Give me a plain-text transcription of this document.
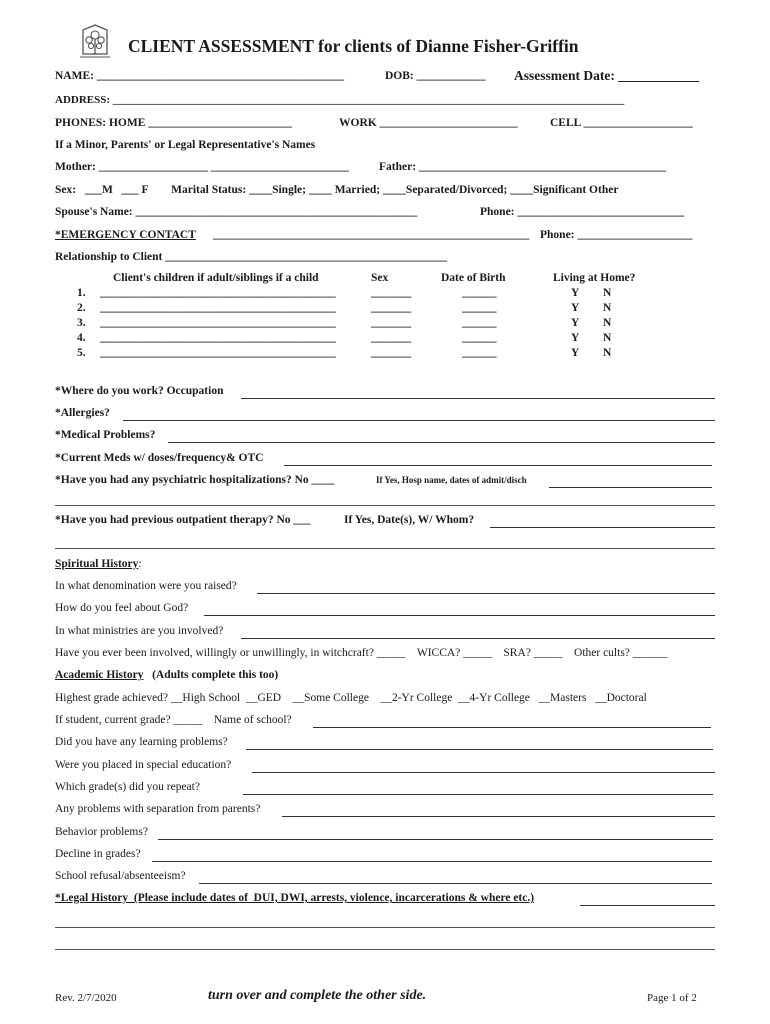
CLIENT ASSESSMENT for clients of Dianne Fisher-Griffin
NAME: ___________________________________________	DOB: ____________ Assessment Date: ____________
ADDRESS: _____________________________________________________________________________________________
PHONES: HOME _________________________	WORK ________________________	CELL ___________________
If a Minor, Parents' or Legal Representative's Names
Mother: ___________________ ________________________	Father: ___________________________________________
Sex:   ___M   ___ F        Marital Status: ____Single; ____ Married; ____Separated/Divorced; ____Significant Other
Spouse's Name: _________________________________________________	Phone: _____________________________
*EMERGENCY CONTACT _______________________________________________________ Phone: ____________________
Relationship to Client _________________________________________________
Client's children if adult/siblings if a child	Sex	Date of Birth	Living at Home?
1. _________________________________________	_______	______	Y N
2. _________________________________________	_______	______	Y N
3. _________________________________________	_______	______	Y N
4. _________________________________________	_______	______	Y N
5. _________________________________________	_______	______	Y N
*Where do you work? Occupation
*Allergies?
*Medical Problems?
*Current Meds w/ doses/frequency& OTC
*Have you had any psychiatric hospitalizations? No ____	If Yes, Hosp name, dates of admit/disch
*Have you had previous outpatient therapy? No ___	If Yes, Date(s), W/ Whom?
Spiritual History:
In what denomination were you raised?
How do you feel about God?
In what ministries are you involved?
Have you ever been involved, willingly or unwillingly, in witchcraft? _____    WICCA? _____    SRA? _____    Other cults? ______
Academic History (Adults complete this too)
Highest grade achieved? __High School  __GED    __Some College    __2-Yr College  __4-Yr College   __Masters   __Doctoral
If student, current grade? _____    Name of school?
Did you have any learning problems?
Were you placed in special education?
Which grade(s) did you repeat?
Any problems with separation from parents?
Behavior problems?
Decline in grades?
School refusal/absenteeism?
*Legal History  (Please include dates of  DUI, DWI, arrests, violence, incarcerations & where etc.)
Rev. 2/7/2020	turn over and complete the other side.	Page 1 of 2
